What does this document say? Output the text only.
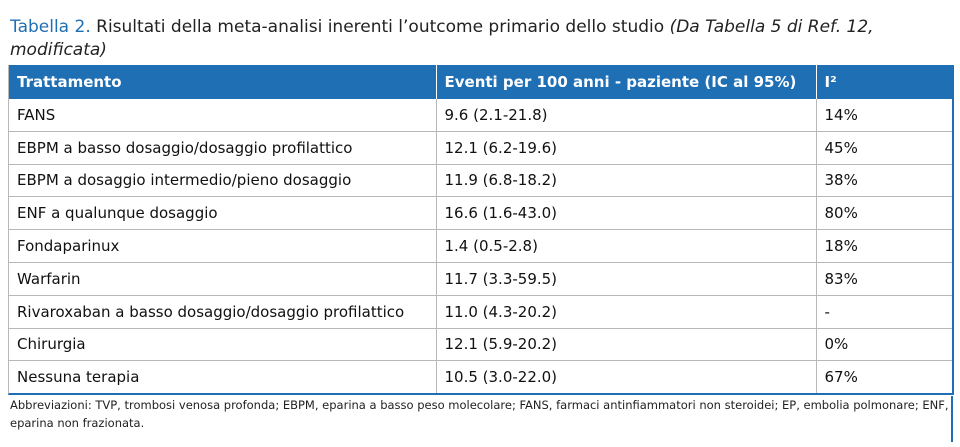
Tabella 2. Risultati della meta-analisi inerenti l’outcome primario dello studio (Da Tabella 5 di Ref. 12, modificata)
Trattamento	Eventi per 100 anni - paziente (IC al 95%)	I²
FANS	9.6 (2.1-21.8)	14%
EBPM a basso dosaggio/dosaggio profilattico	12.1 (6.2-19.6)	45%
EBPM a dosaggio intermedio/pieno dosaggio	11.9 (6.8-18.2)	38%
ENF a qualunque dosaggio	16.6 (1.6-43.0)	80%
Fondaparinux	1.4 (0.5-2.8)	18%
Warfarin	11.7 (3.3-59.5)	83%
Rivaroxaban a basso dosaggio/dosaggio profilattico	11.0 (4.3-20.2)	-
Chirurgia	12.1 (5.9-20.2)	0%
Nessuna terapia	10.5 (3.0-22.0)	67%
Abbreviazioni: TVP, trombosi venosa profonda; EBPM, eparina a basso peso molecolare; FANS, farmaci antinfiammatori non steroidei; EP, embolia polmonare; ENF, eparina non frazionata.
